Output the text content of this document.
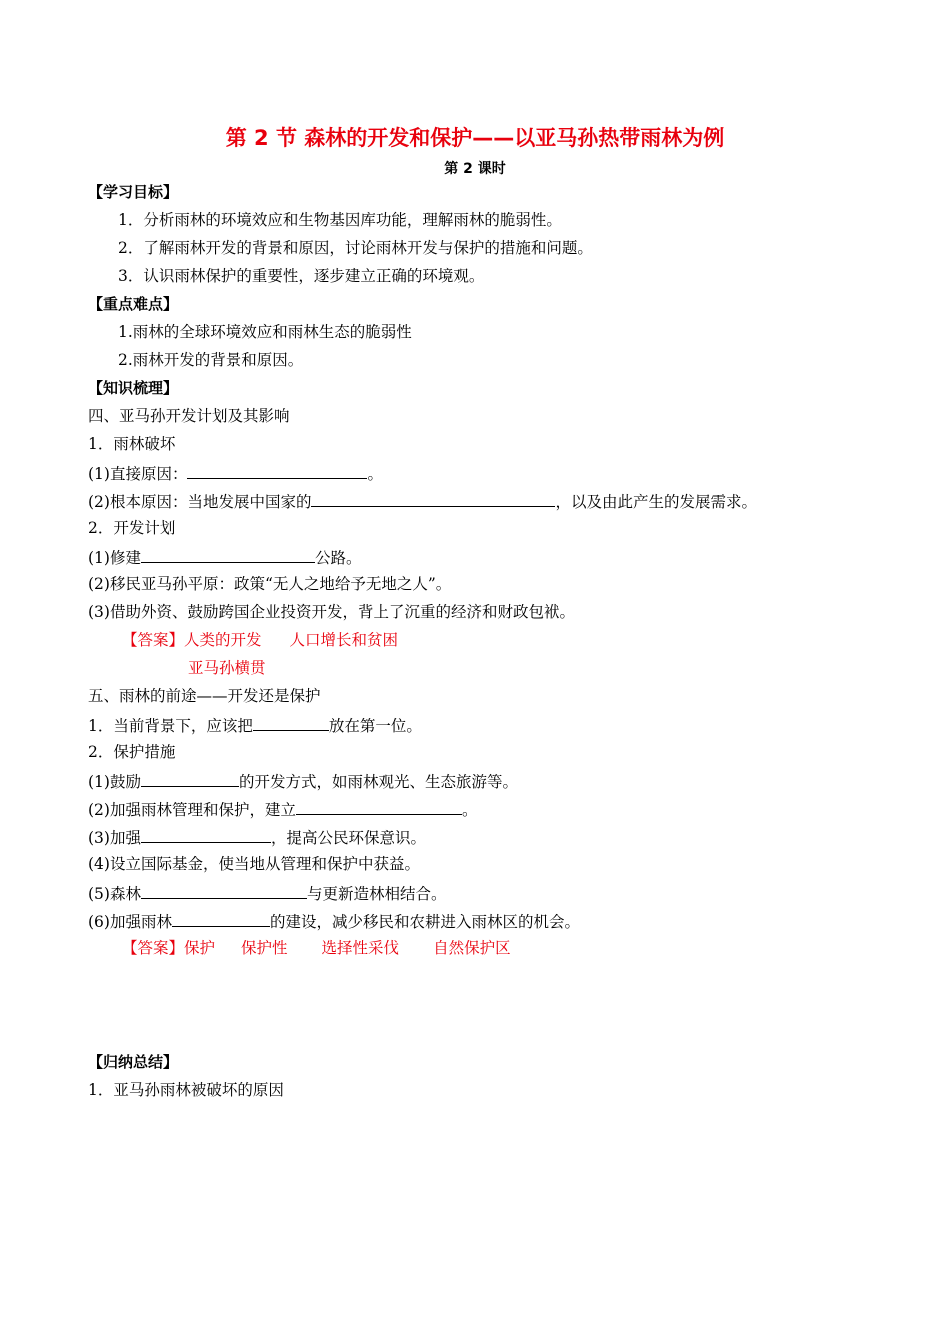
第 2 节 森林的开发和保护——以亚马孙热带雨林为例
第 2 课时
【学习目标】
1．分析雨林的环境效应和生物基因库功能，理解雨林的脆弱性。
2．了解雨林开发的背景和原因，讨论雨林开发与保护的措施和问题。
3．认识雨林保护的重要性，逐步建立正确的环境观。
【重点难点】
1.雨林的全球环境效应和雨林生态的脆弱性
2.雨林开发的背景和原因。
【知识梳理】
四、亚马孙开发计划及其影响
1．雨林破坏
(1)直接原因：	。
(2)根本原因：当地发展中国家的	，以及由此产生的发展需求。
2．开发计划
(1)修建	公路。
(2)移民亚马孙平原：政策“无人之地给予无地之人”。
(3)借助外资、鼓励跨国企业投资开发，背上了沉重的经济和财政包袱。
【答案】人类的开发 人口增长和贫困
亚马孙横贯
五、雨林的前途——开发还是保护
1．当前背景下，应该把	放在第一位。
2．保护措施
(1)鼓励	的开发方式，如雨林观光、生态旅游等。
(2)加强雨林管理和保护，建立	。
(3)加强	，提高公民环保意识。
(4)设立国际基金，使当地从管理和保护中获益。
(5)森林	与更新造林相结合。
(6)加强雨林	的建设，减少移民和农耕进入雨林区的机会。
【答案】保护 保护性 选择性采伐 自然保护区
【归纳总结】
1．亚马孙雨林被破坏的原因
